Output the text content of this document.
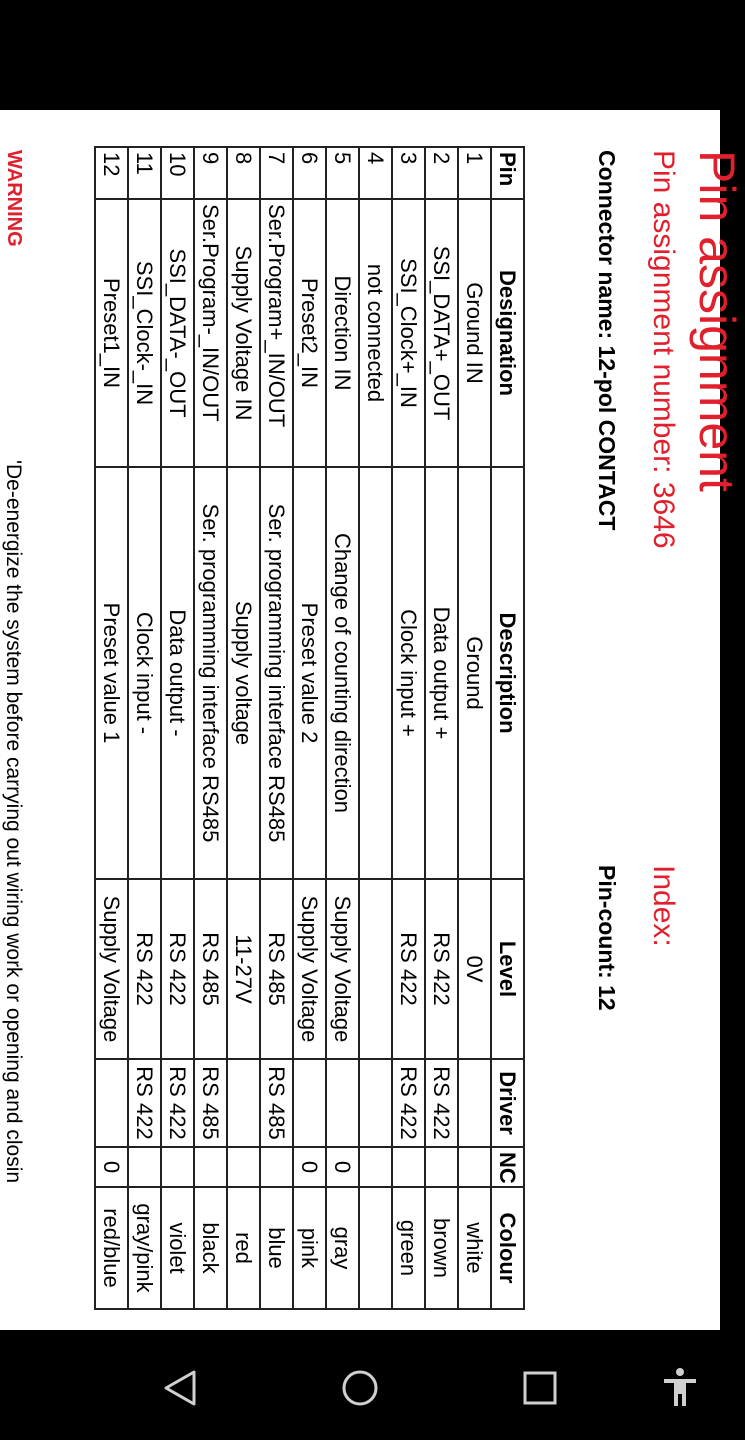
Pin assignment
Pin assignment number: 3646
Index:
Connector name: 12-pol CONTACT
Pin-count: 12
Pin	Designation	Description	Level	Driver	NC	Colour
1	Ground IN	Ground	0V			white
2	SSI_DATA+_OUT	Data output +	RS 422	RS 422		brown
3	SSI_Clock+_IN	Clock input +	RS 422	RS 422		green
4	not connected					
5	Direction IN	Change of counting direction	Supply Voltage		0	gray
6	Preset2_IN	Preset value 2	Supply Voltage		0	pink
7	Ser.Program+_IN/OUT	Ser. programming interface RS485	RS 485	RS 485		blue
8	Supply Voltage IN	Supply voltage	11-27V			red
9	Ser.Program-_IN/OUT	Ser. programming interface RS485	RS 485	RS 485		black
10	SSI_DATA-_OUT	Data output -	RS 422	RS 422		violet
11	SSI_Clock-_IN	Clock input -	RS 422	RS 422		gray/pink
12	Preset1_IN	Preset value 1	Supply Voltage		0	red/blue
WARNING
'De-energize the system before carrying out wiring work or opening and closin
